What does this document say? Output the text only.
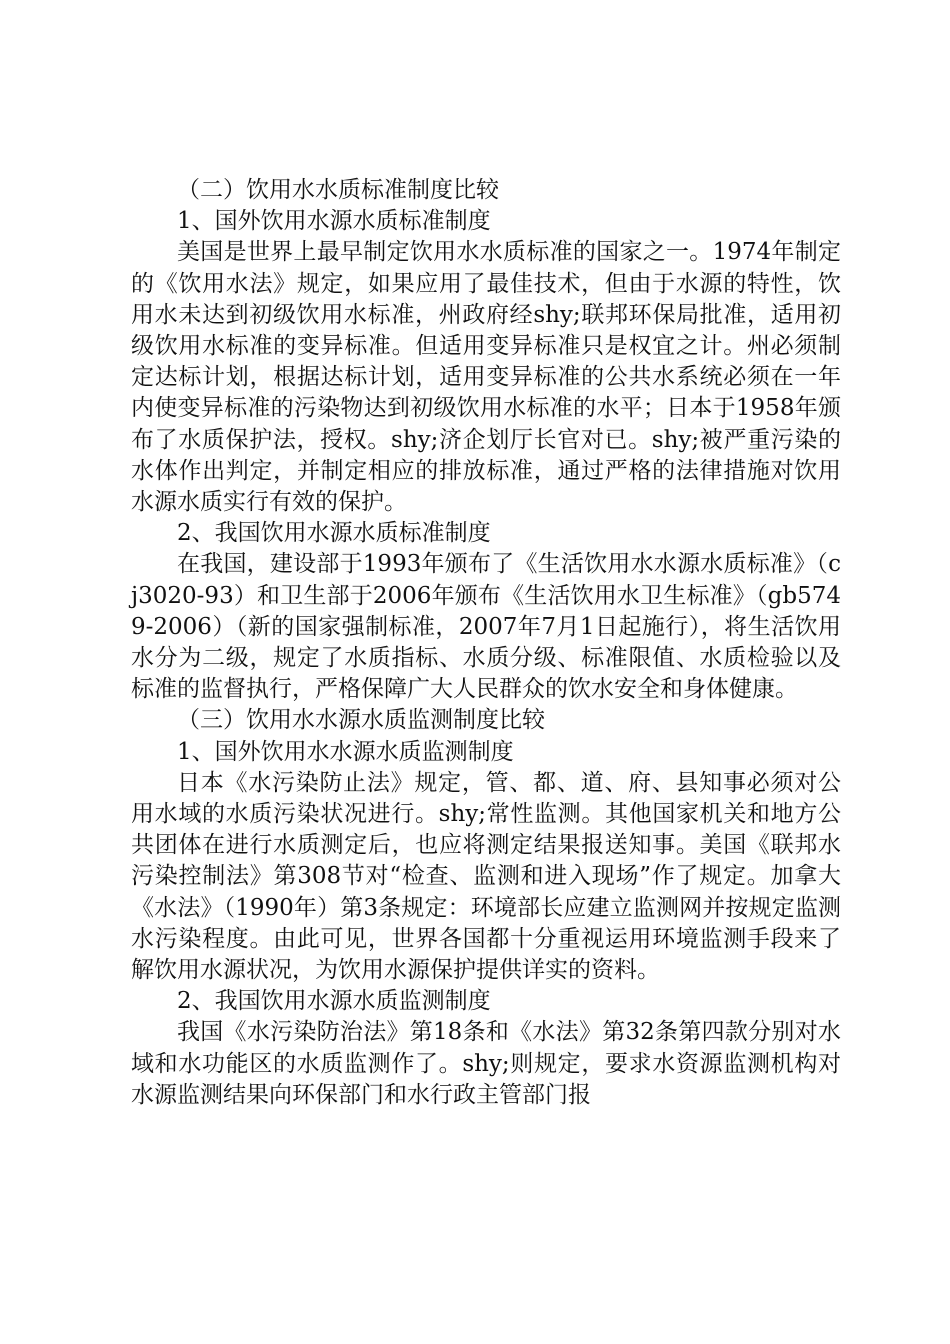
（二）饮用水水质标准制度比较

1、国外饮用水源水质标准制度

美国是世界上最早制定饮用水水质标准的国家之一。1974年制定的《饮用水法》规定，如果应用了最佳技术，但由于水源的特性，饮用水未达到初级饮用水标准，州政府经shy;联邦环保局批准，适用初级饮用水标准的变异标准。但适用变异标准只是权宜之计。州必须制定达标计划，根据达标计划，适用变异标准的公共水系统必须在一年内使变异标准的污染物达到初级饮用水标准的水平；日本于1958年颁布了水质保护法，授权。shy;济企划厅长官对已。shy;被严重污染的水体作出判定，并制定相应的排放标准，通过严格的法律措施对饮用水源水质实行有效的保护。

2、我国饮用水源水质标准制度

在我国，建设部于1993年颁布了《生活饮用水水源水质标准》（cj3020-93）和卫生部于2006年颁布《生活饮用水卫生标准》（gb5749-2006）（新的国家强制标准，2007年7月1日起施行），将生活饮用水分为二级，规定了水质指标、水质分级、标准限值、水质检验以及标准的监督执行，严格保障广大人民群众的饮水安全和身体健康。

（三）饮用水水源水质监测制度比较

1、国外饮用水水源水质监测制度

日本《水污染防止法》规定，管、都、道、府、县知事必须对公用水域的水质污染状况进行。shy;常性监测。其他国家机关和地方公共团体在进行水质测定后，也应将测定结果报送知事。美国《联邦水污染控制法》第308节对“检查、监测和进入现场”作了规定。加拿大《水法》（1990年）第3条规定：环境部长应建立监测网并按规定监测水污染程度。由此可见，世界各国都十分重视运用环境监测手段来了解饮用水源状况，为饮用水源保护提供详实的资料。

2、我国饮用水源水质监测制度

我国《水污染防治法》第18条和《水法》第32条第四款分别对水域和水功能区的水质监测作了。shy;则规定，要求水资源监测机构对水源监测结果向环保部门和水行政主管部门报
